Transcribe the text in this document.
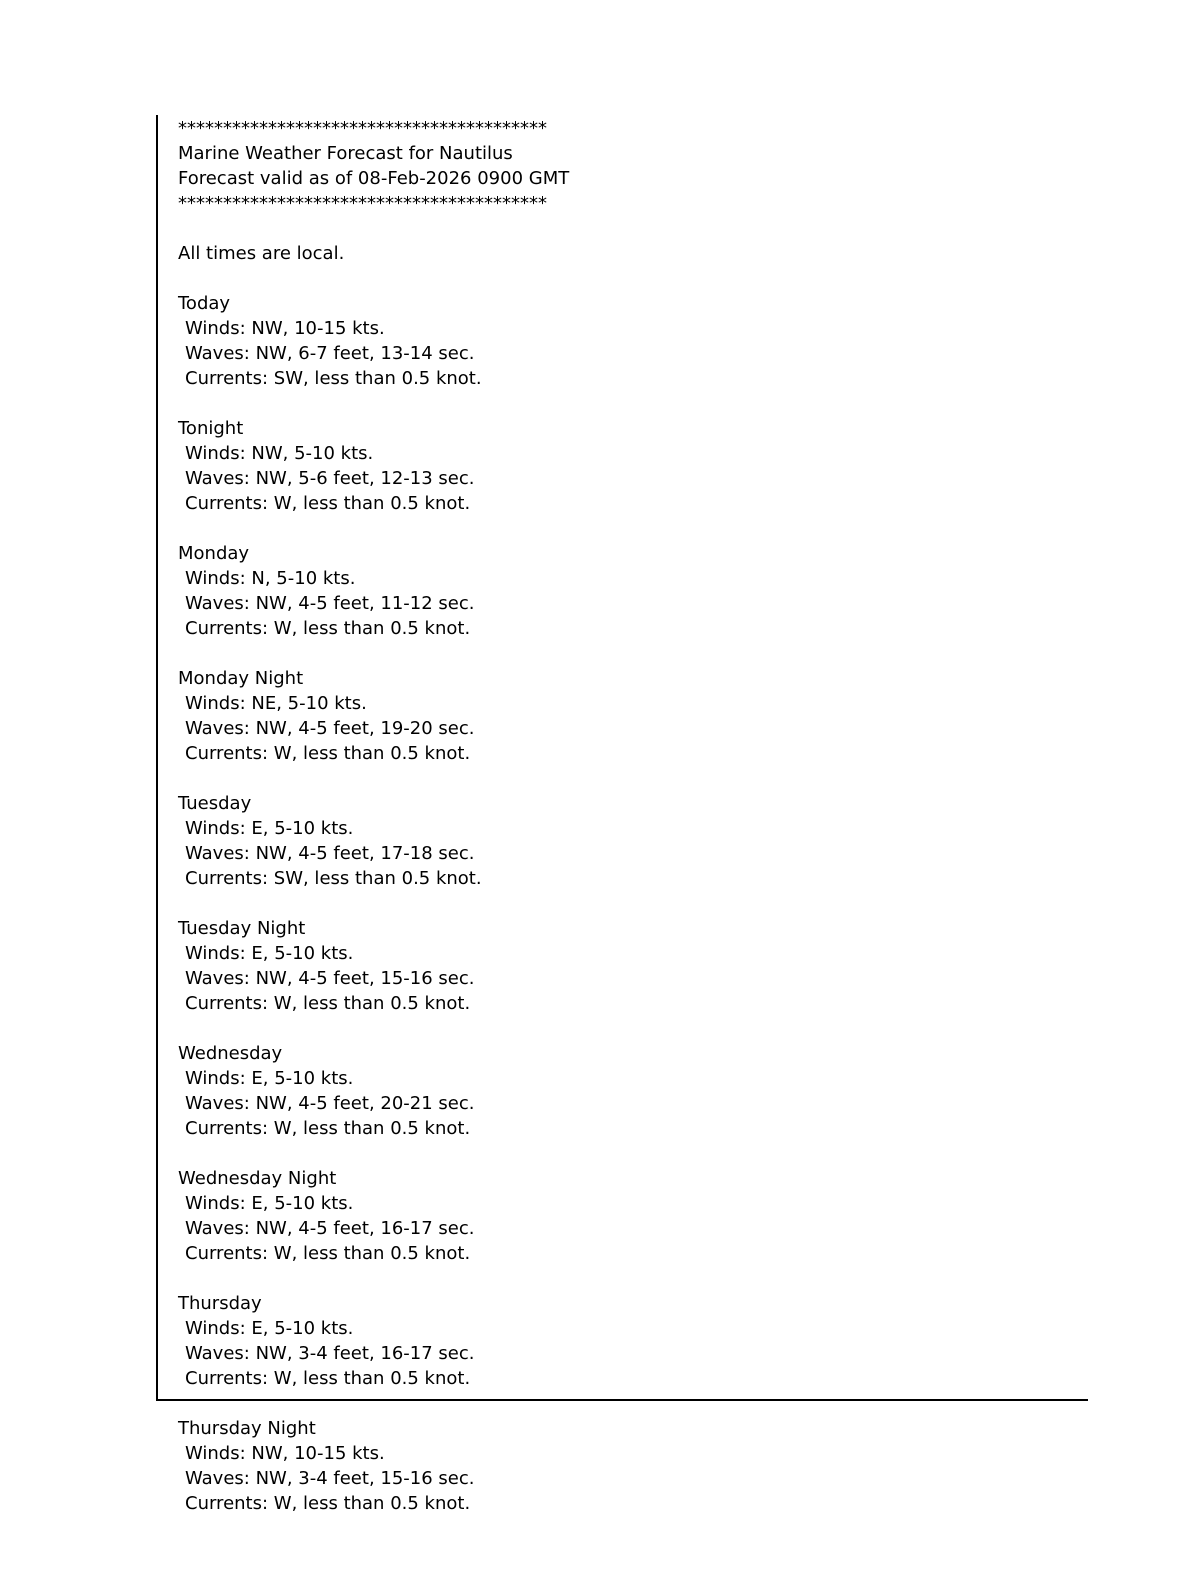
*****************************************
Marine Weather Forecast for Nautilus
Forecast valid as of 08-Feb-2026 0900 GMT
*****************************************
All times are local.
Today
Winds: NW, 10-15 kts.
Waves: NW, 6-7 feet, 13-14 sec.
Currents: SW, less than 0.5 knot.
Tonight
Winds: NW, 5-10 kts.
Waves: NW, 5-6 feet, 12-13 sec.
Currents: W, less than 0.5 knot.
Monday
Winds: N, 5-10 kts.
Waves: NW, 4-5 feet, 11-12 sec.
Currents: W, less than 0.5 knot.
Monday Night
Winds: NE, 5-10 kts.
Waves: NW, 4-5 feet, 19-20 sec.
Currents: W, less than 0.5 knot.
Tuesday
Winds: E, 5-10 kts.
Waves: NW, 4-5 feet, 17-18 sec.
Currents: SW, less than 0.5 knot.
Tuesday Night
Winds: E, 5-10 kts.
Waves: NW, 4-5 feet, 15-16 sec.
Currents: W, less than 0.5 knot.
Wednesday
Winds: E, 5-10 kts.
Waves: NW, 4-5 feet, 20-21 sec.
Currents: W, less than 0.5 knot.
Wednesday Night
Winds: E, 5-10 kts.
Waves: NW, 4-5 feet, 16-17 sec.
Currents: W, less than 0.5 knot.
Thursday
Winds: E, 5-10 kts.
Waves: NW, 3-4 feet, 16-17 sec.
Currents: W, less than 0.5 knot.
Thursday Night
Winds: NW, 10-15 kts.
Waves: NW, 3-4 feet, 15-16 sec.
Currents: W, less than 0.5 knot.
